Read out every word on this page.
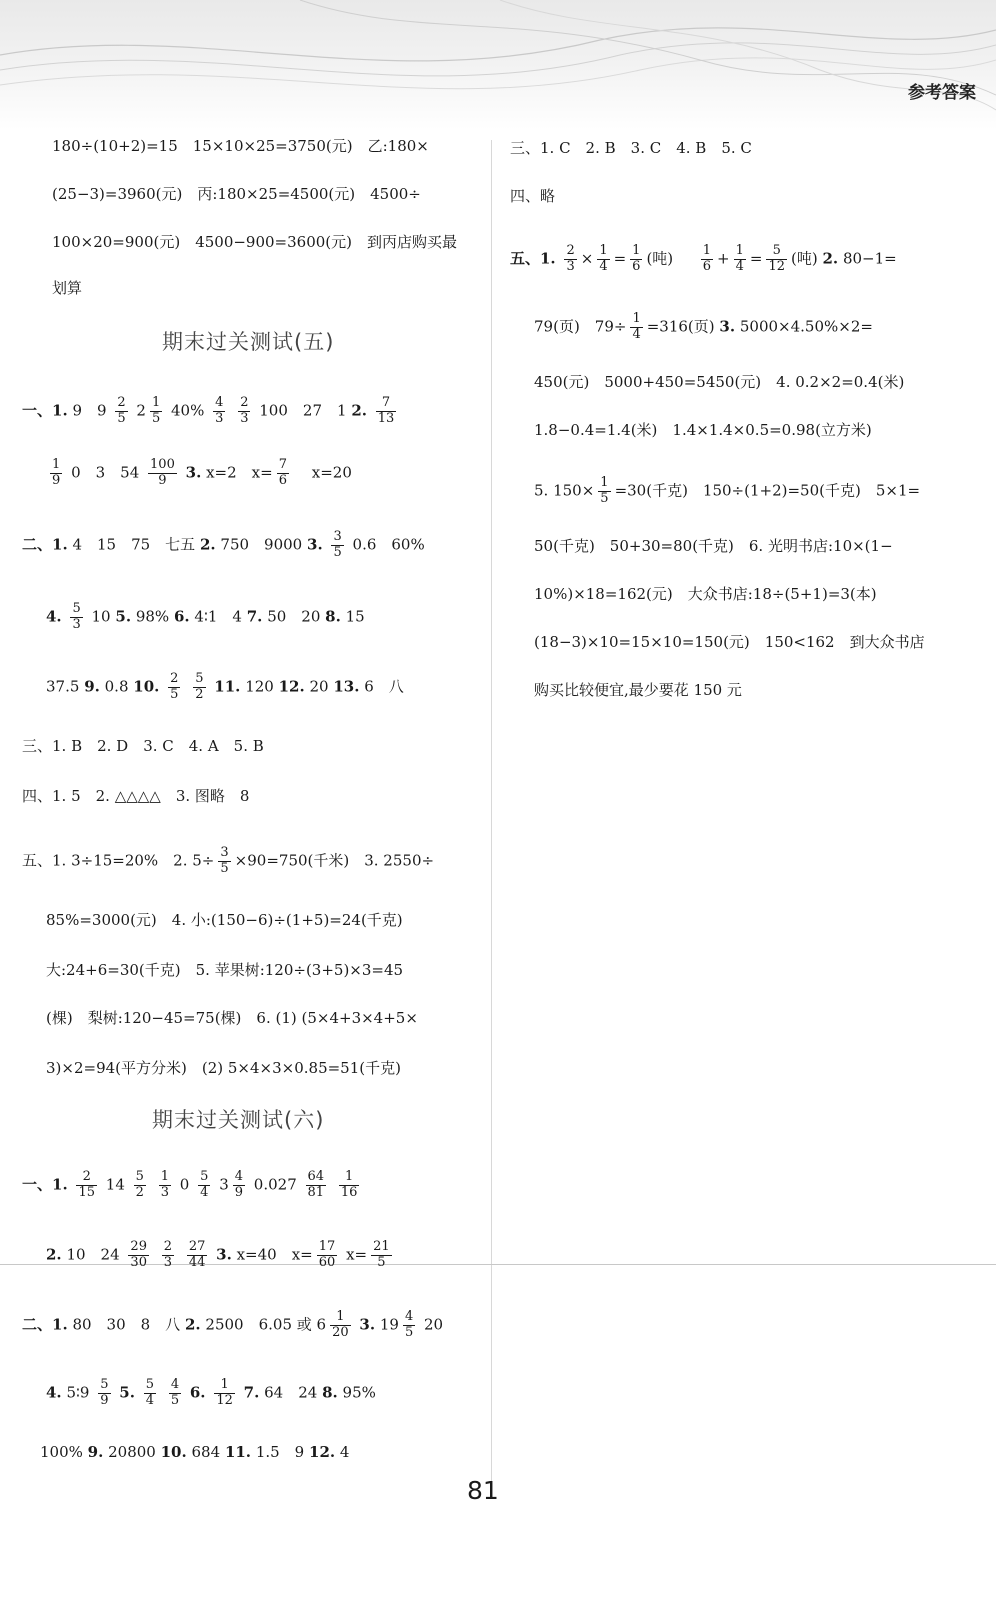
参考答案
180÷(10+2)=15　15×10×25=3750(元)　乙:180×
(25−3)=3960(元)　丙:180×25=4500(元)　4500÷
100×20=900(元)　4500−900=3600(元)　到丙店购买最
划算
期末过关测试(五)
一、1. 9　$9 \frac{2}{5} 2 \frac{1}{5} 40\% \frac{4}{3}$
$\frac{2}{3} 100$　27　1 2. $\frac{7}{13}$
$\frac{1}{9} 0$　3　$54 \frac{100}{9} 3$. x=2　$x= \frac{7}{6} x=20$
二、1. 4　15　75　七五 2. 750　9000 3. $\frac{3}{5} 0.6$　60%
4. $\frac{5}{3} 10$ 5. 98% 6. 4∶1　4 7. 50　20 8. 15
37.5 9. 0.8 10. $\frac{2}{5}$
$\frac{5}{2} 11$. 120 12. 20 13. 6　八
三、1. B　2. D　3. C　4. A　5. B
四、1. 5　2. △△△△　3. 图略　8
五、1. 3÷15=20%　2. $5\div \frac{3}{5} \times 90=750$(千米)　3. 2550÷
85%=3000(元)　4. 小:(150−6)÷(1+5)=24(千克)
大:24+6=30(千克)　5. 苹果树:120÷(3+5)×3=45
(棵)　梨树:120−45=75(棵)　6. (1) (5×4+3×4+5×
3)×2=94(平方分米)　(2) 5×4×3×0.85=51(千克)
期末过关测试(六)
一、1. $\frac{2}{15} 14 \frac{5}{2}$
$\frac{1}{3} 0 \frac{5}{4} 3 \frac{4}{9} 0.027 \frac{64}{81}$
$\frac{1}{16}$
2. 10　$24 \frac{29}{30}$
$\frac{2}{3}$
$\frac{27}{44} 3$. x=40　$x= \frac{17}{60} x= \frac{21}{5}$
二、1. 80　30　8　八 2. 2500　6.05 或 $6 \frac{1}{20} 3$. $19 \frac{4}{5} 20$
4. 5∶9 $\frac{5}{9} 5$. $\frac{5}{4}$
$\frac{4}{5} 6$. $\frac{1}{12} 7$. 64　24 8. 95%
100% 9. 20800 10. 684 11. 1.5　9 12. 4
三、1. C　2. B　3. C　4. B　5. C
四、略
五、1. $\frac{2}{3} \times \frac{1}{4} = \frac{1}{6}$ (吨) $\frac{1}{6} + \frac{1}{4} = \frac{5}{12}$ (吨) 2. 80−1=
79(页)　$79\div \frac{1}{4} =316$(页) 3. 5000×4.50%×2=
450(元)　5000+450=5450(元)　4. 0.2×2=0.4(米)
1.8−0.4=1.4(米)　1.4×1.4×0.5=0.98(立方米)
5. $150\times \frac{1}{5} =30$(千克)　150÷(1+2)=50(千克)　5×1=
50(千克)　50+30=80(千克)　6. 光明书店:10×(1−
10%)×18=162(元)　大众书店:18÷(5+1)=3(本)
(18−3)×10=15×10=150(元)　150<162　到大众书店
购买比较便宜,最少要花 150 元
81
